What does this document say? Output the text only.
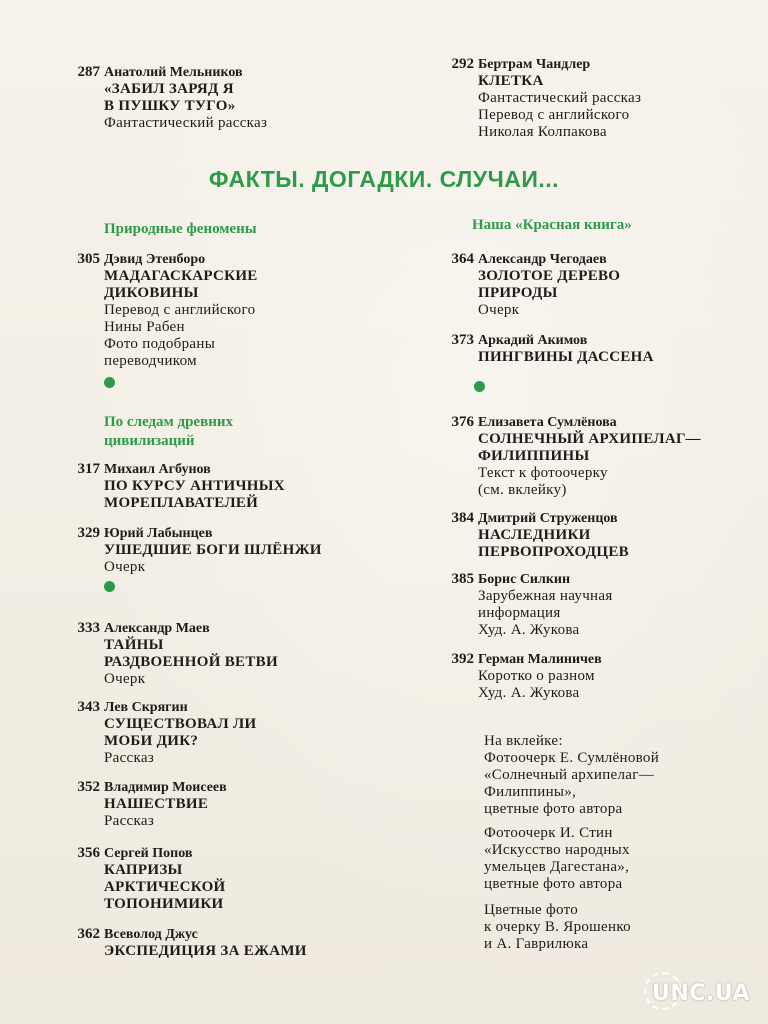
287 Анатолий Мельников
«ЗАБИЛ ЗАРЯД Я
В ПУШКУ ТУГО»
Фантастический рассказ
292 Бертрам Чандлер
КЛЕТКА
Фантастический рассказ
Перевод с английского
Николая Колпакова
ФАКТЫ. ДОГАДКИ. СЛУЧАИ...
Природные феномены
По следам древних
цивилизаций
Наша «Красная книга»
305 Дэвид Этенборо
МАДАГАСКАРСКИЕ
ДИКОВИНЫ
Перевод с английского
Нины Рабен
Фото подобраны
переводчиком
317 Михаил Агбунов
ПО КУРСУ АНТИЧНЫХ
МОРЕПЛАВАТЕЛЕЙ
329 Юрий Лабынцев
УШЕДШИЕ БОГИ ШЛЁНЖИ
Очерк
333 Александр Маев
ТАЙНЫ
РАЗДВОЕННОЙ ВЕТВИ
Очерк
343 Лев Скрягин
СУЩЕСТВОВАЛ ЛИ
МОБИ ДИК?
Рассказ
352 Владимир Моисеев
НАШЕСТВИЕ
Рассказ
356 Сергей Попов
КАПРИЗЫ
АРКТИЧЕСКОЙ
ТОПОНИМИКИ
362 Всеволод Джус
ЭКСПЕДИЦИЯ ЗА ЕЖАМИ
364 Александр Чегодаев
ЗОЛОТОЕ ДЕРЕВО
ПРИРОДЫ
Очерк
373 Аркадий Акимов
ПИНГВИНЫ ДАССЕНА
376 Елизавета Сумлёнова
СОЛНЕЧНЫЙ АРХИПЕЛАГ—
ФИЛИППИНЫ
Текст к фотоочерку
(см. вклейку)
384 Дмитрий Струженцов
НАСЛЕДНИКИ
ПЕРВОПРОХОДЦЕВ
385 Борис Силкин
Зарубежная научная
информация
Худ. А. Жукова
392 Герман Малиничев
Коротко о разном
Худ. А. Жукова
На вклейке:
Фотоочерк Е. Сумлёновой
«Солнечный архипелаг—
Филиппины»,
цветные фото автора
Фотоочерк И. Стин
«Искусство народных
умельцев Дагестана»,
цветные фото автора
Цветные фото
к очерку В. Ярошенко
и А. Гаврилюка
UNC.UA
